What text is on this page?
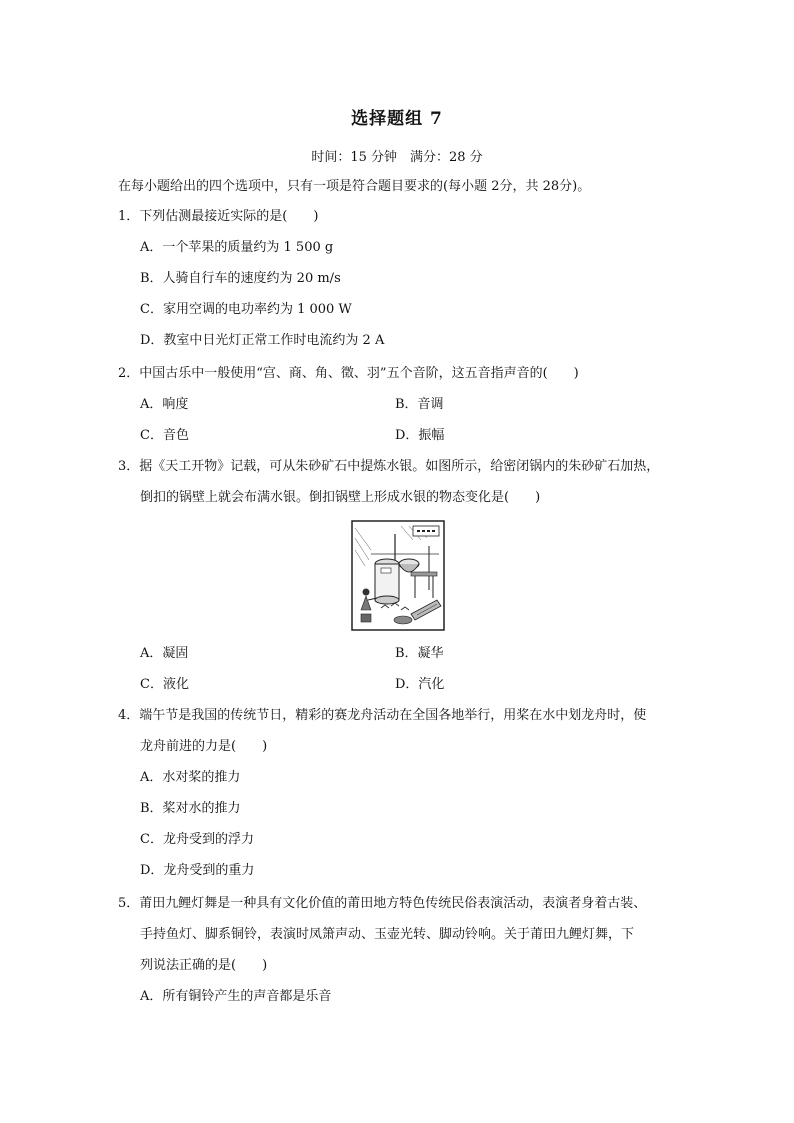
选择题组 7
时间：15 分钟　满分：28 分
在每小题给出的四个选项中，只有一项是符合题目要求的(每小题 2分，共 28分)。
1．下列估测最接近实际的是(　　)
A．一个苹果的质量约为 1 500 g
B．人骑自行车的速度约为 20 m/s
C．家用空调的电功率约为 1 000 W
D．教室中日光灯正常工作时电流约为 2 A
2．中国古乐中一般使用“宫、商、角、徵、羽”五个音阶，这五音指声音的(　　)
A．响度	B．音调
C．音色	D．振幅
3．据《天工开物》记载，可从朱砂矿石中提炼水银。如图所示，给密闭锅内的朱砂矿石加热，
倒扣的锅壁上就会布满水银。倒扣锅壁上形成水银的物态变化是(　　)
A．凝固	B．凝华
C．液化	D．汽化
4．端午节是我国的传统节日，精彩的赛龙舟活动在全国各地举行，用桨在水中划龙舟时，使
龙舟前进的力是(　　)
A．水对桨的推力
B．桨对水的推力
C．龙舟受到的浮力
D．龙舟受到的重力
5．莆田九鲤灯舞是一种具有文化价值的莆田地方特色传统民俗表演活动，表演者身着古装、
手持鱼灯、脚系铜铃，表演时凤箫声动、玉壶光转、脚动铃响。关于莆田九鲤灯舞，下
列说法正确的是(　　)
A．所有铜铃产生的声音都是乐音
